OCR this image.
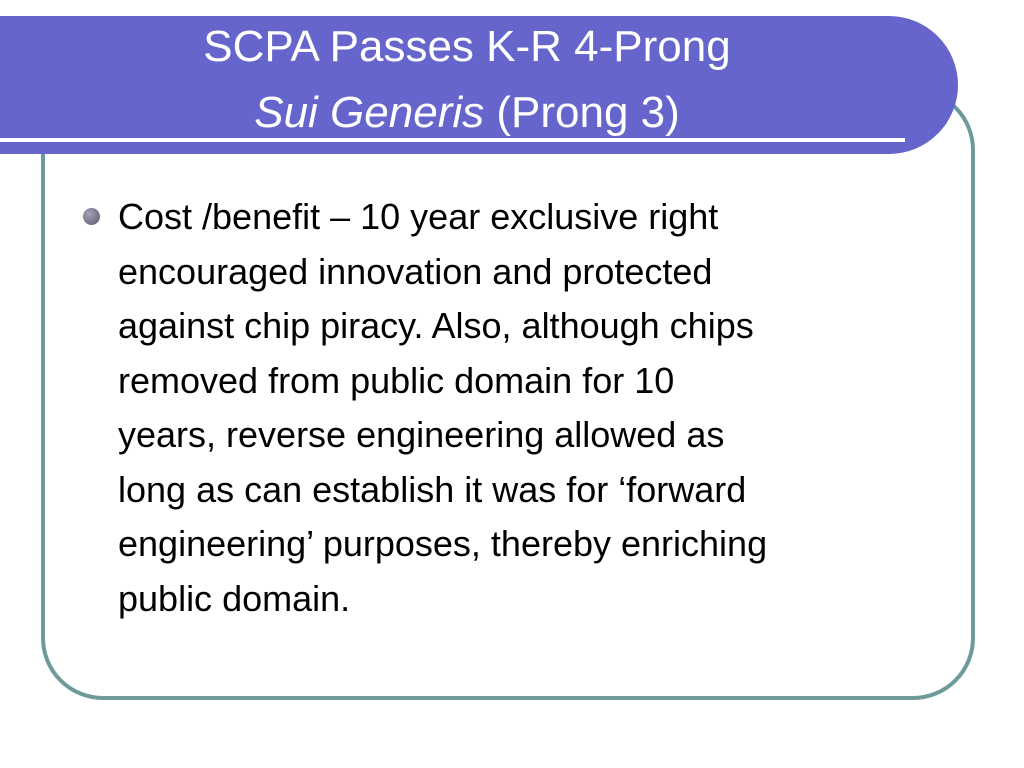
SCPA Passes K-R 4-Prong
Sui Generis (Prong 3)
Cost /benefit – 10 year exclusive right
encouraged innovation and protected
against chip piracy. Also, although chips
removed from public domain for 10
years, reverse engineering allowed as
long as can establish it was for ‘forward
engineering’ purposes, thereby enriching
public domain.
